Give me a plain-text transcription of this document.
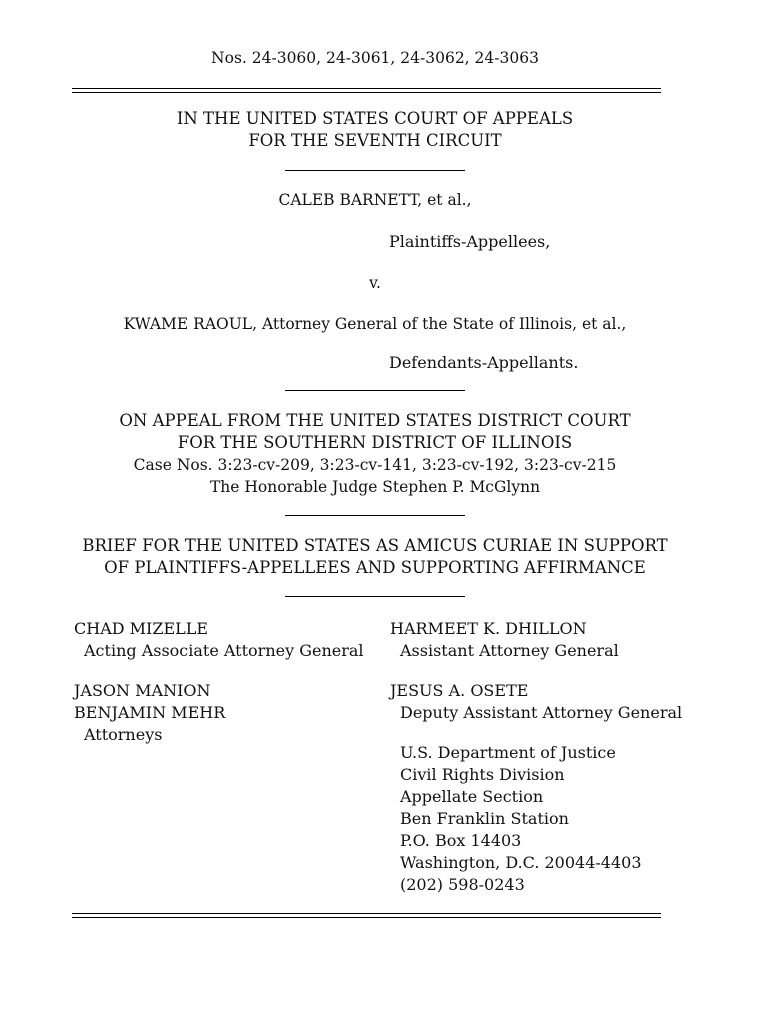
Nos. 24-3060, 24-3061, 24-3062, 24-3063
IN THE UNITED STATES COURT OF APPEALS
FOR THE SEVENTH CIRCUIT
CALEB BARNETT, et al.,
Plaintiffs-Appellees,
v.
KWAME RAOUL, Attorney General of the State of Illinois, et al.,
Defendants-Appellants.
ON APPEAL FROM THE UNITED STATES DISTRICT COURT
FOR THE SOUTHERN DISTRICT OF ILLINOIS
Case Nos. 3:23-cv-209, 3:23-cv-141, 3:23-cv-192, 3:23-cv-215
The Honorable Judge Stephen P. McGlynn
BRIEF FOR THE UNITED STATES AS AMICUS CURIAE IN SUPPORT
OF PLAINTIFFS-APPELLEES AND SUPPORTING AFFIRMANCE
CHAD MIZELLE
Acting Associate Attorney General
JASON MANION
BENJAMIN MEHR
Attorneys
HARMEET K. DHILLON
Assistant Attorney General
JESUS A. OSETE
Deputy Assistant Attorney General
U.S. Department of Justice
Civil Rights Division
Appellate Section
Ben Franklin Station
P.O. Box 14403
Washington, D.C. 20044-4403
(202) 598-0243
